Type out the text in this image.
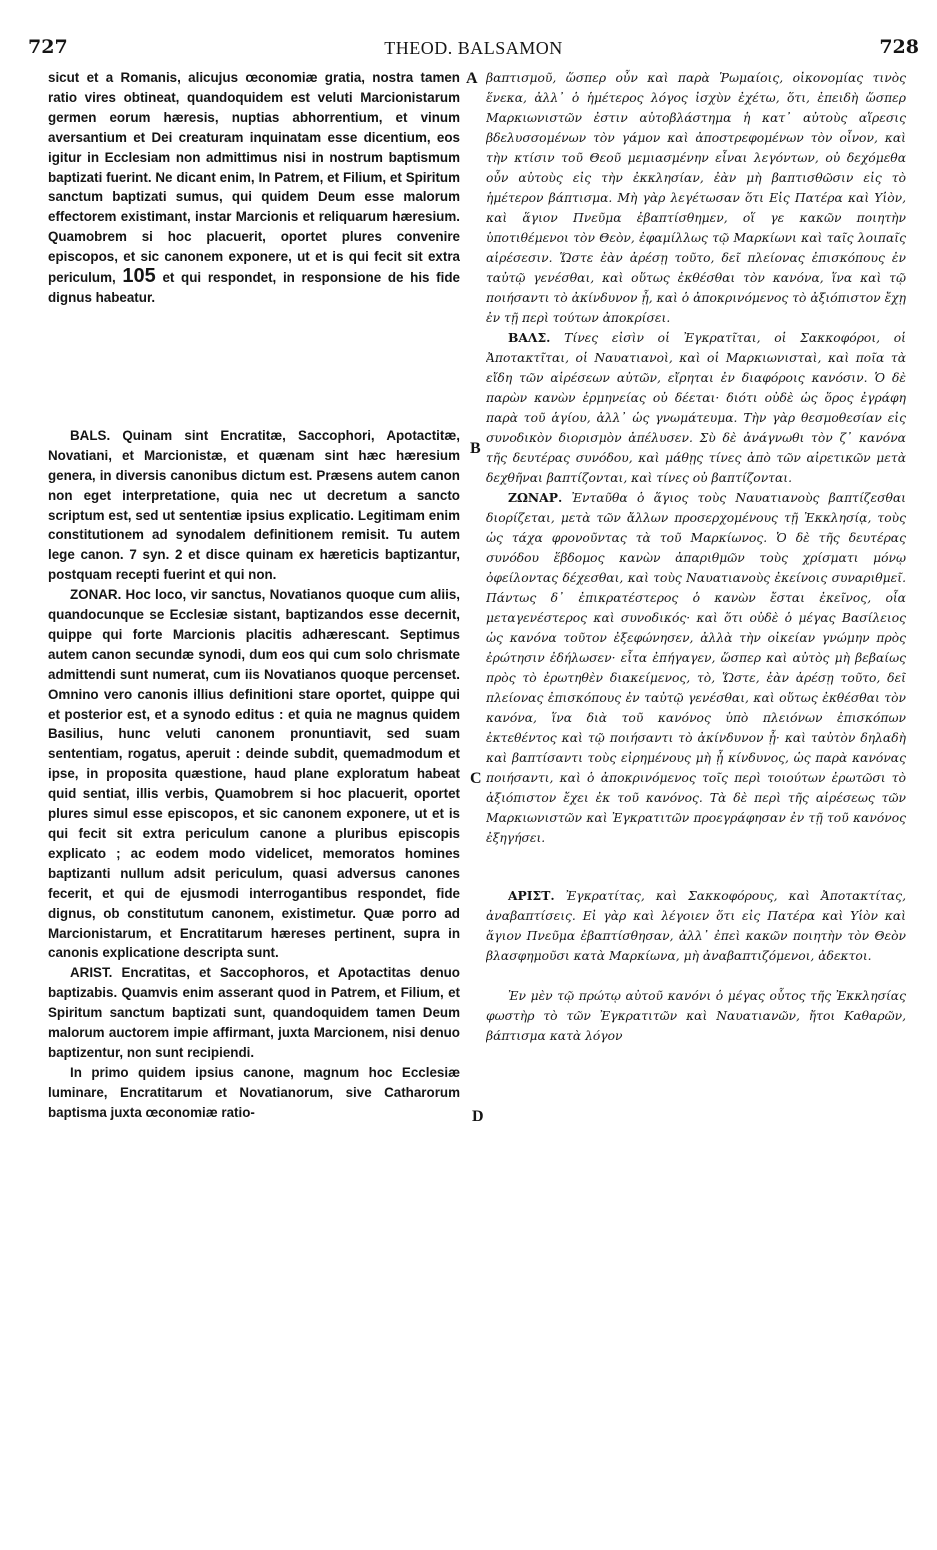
727	THEOD. BALSAMON	728

sicut et a Romanis, alicujus œconomiæ gratia, nostra tamen ratio vires obtineat, quandoquidem est veluti Marcionistarum germen eorum hæresis, nuptias abhorrentium, et vinum aversantium et Dei creaturam inquinatam esse dicentium, eos igitur in Ecclesiam non admittimus nisi in nostrum baptismum baptizati fuerint. Ne dicant enim, In Patrem, et Filium, et Spiritum sanctum baptizati sumus, qui quidem Deum esse malorum effectorem existimant, instar Marcionis et reliquarum hæresium. Quamobrem si hoc placuerit, oportet plures convenire episcopos, et sic canonem exponere, ut et is qui fecit sit extra periculum, 105 et qui respondet, in responsione de his fide dignus habeatur.

BALS. Quinam sint Encratitæ, Saccophori, Apotactitæ, Novatiani, et Marcionistæ, et quænam sint hæc hæresium genera, in diversis canonibus dictum est. Præsens autem canon non eget interpretatione, quia nec ut decretum a sancto scriptum est, sed ut sententiæ ipsius explicatio. Legitimam enim constitutionem ad synodalem definitionem remisit. Tu autem lege canon. 7 syn. 2 et disce quinam ex hæreticis baptizantur, postquam recepti fuerint et qui non.

ZONAR. Hoc loco, vir sanctus, Novatianos quoque cum aliis, quandocunque se Ecclesiæ sistant, baptizandos esse decernit, quippe qui forte Marcionis placitis adhærescant. Septimus autem canon secundæ synodi, dum eos qui cum solo chrismate admittendi sunt numerat, cum iis Novatianos quoque percenset. Omnino vero canonis illius definitioni stare oportet, quippe qui et posterior est, et a synodo editus : et quia ne magnus quidem Basilius, hunc veluti canonem pronuntiavit, sed suam sententiam, rogatus, aperuit : deinde subdit, quemadmodum et ipse, in proposita quæstione, haud plane exploratum habeat quid sentiat, illis verbis, Quamobrem si hoc placuerit, oportet plures simul esse episcopos, et sic canonem exponere, ut et is qui fecit sit extra periculum canone a pluribus episcopis explicato ; ac eodem modo videlicet, memoratos homines baptizanti nullum adsit periculum, quasi adversus canones fecerit, et qui de ejusmodi interrogantibus respondet, fide dignus, ob constitutum canonem, existimetur. Quæ porro ad Marcionistarum, et Encratitarum hæreses pertinent, supra in canonis explicatione descripta sunt.

ARIST. Encratitas, et Saccophoros, et Apotactitas denuo baptizabis. Quamvis enim asserant quod in Patrem, et Filium, et Spiritum sanctum baptizati sunt, quandoquidem tamen Deum malorum auctorem impie affirmant, juxta Marcionem, nisi denuo baptizentur, non sunt recipiendi.

In primo quidem ipsius canone, magnum hoc Ecclesiæ luminare, Encratitarum et Novatianorum, sive Catharorum baptisma juxta œconomiæ ratio-

A
B
C
D

βαπτισμοῦ, ὥσπερ οὖν καὶ παρὰ Ῥωμαίοις, οἰκονομίας τινὸς ἕνεκα, ἀλλ᾽ ὁ ἡμέτερος λόγος ἰσχὺν ἐχέτω, ὅτι, ἐπειδὴ ὥσπερ Μαρκιωνιστῶν ἐστιν αὐτοβλάστημα ἡ κατ᾽ αὐτοὺς αἵρεσις βδελυσσομένων τὸν γάμον καὶ ἀποστρεφομένων τὸν οἶνον, καὶ τὴν κτίσιν τοῦ Θεοῦ μεμιασμένην εἶναι λεγόντων, οὐ δεχόμεθα οὖν αὐτοὺς εἰς τὴν ἐκκλησίαν, ἐὰν μὴ βαπτισθῶσιν εἰς τὸ ἡμέτερον βάπτισμα. Μὴ γὰρ λεγέτωσαν ὅτι Εἰς Πατέρα καὶ Υἱὸν, καὶ ἅγιον Πνεῦμα ἐβαπτίσθημεν, οἵ γε κακῶν ποιητὴν ὑποτιθέμενοι τὸν Θεὸν, ἐφαμίλλως τῷ Μαρκίωνι καὶ ταῖς λοιπαῖς αἱρέσεσιν. Ὥστε ἐὰν ἀρέσῃ τοῦτο, δεῖ πλείονας ἐπισκόπους ἐν ταὐτῷ γενέσθαι, καὶ οὕτως ἐκθέσθαι τὸν κανόνα, ἵνα καὶ τῷ ποιήσαντι τὸ ἀκίνδυνον ᾖ, καὶ ὁ ἀποκρινόμενος τὸ ἀξιόπιστον ἔχῃ ἐν τῇ περὶ τούτων ἀποκρίσει.

ΒΑΛΣ. Τίνες εἰσὶν οἱ Ἐγκρατῖται, οἱ Σακκοφόροι, οἱ Ἀποτακτῖται, οἱ Ναυατιανοὶ, καὶ οἱ Μαρκιωνισταὶ, καὶ ποῖα τὰ εἴδη τῶν αἱρέσεων αὐτῶν, εἴρηται ἐν διαφόροις κανόσιν. Ὁ δὲ παρὼν κανὼν ἑρμηνείας οὐ δέεται· διότι οὐδὲ ὡς ὅρος ἐγράφη παρὰ τοῦ ἁγίου, ἀλλ᾽ ὡς γνωμάτευμα. Τὴν γὰρ θεσμοθεσίαν εἰς συνοδικὸν διορισμὸν ἀπέλυσεν. Σὺ δὲ ἀνάγνωθι τὸν ζ᾽ κανόνα τῆς δευτέρας συνόδου, καὶ μάθῃς τίνες ἀπὸ τῶν αἱρετικῶν μετὰ δεχθῆναι βαπτίζονται, καὶ τίνες οὐ βαπτίζονται.

ΖΩΝΑΡ. Ἐνταῦθα ὁ ἅγιος τοὺς Ναυατιανοὺς βαπτίζεσθαι διορίζεται, μετὰ τῶν ἄλλων προσερχομένους τῇ Ἐκκλησίᾳ, τοὺς ὡς τάχα φρονοῦντας τὰ τοῦ Μαρκίωνος. Ὁ δὲ τῆς δευτέρας συνόδου ἕβδομος κανὼν ἀπαριθμῶν τοὺς χρίσματι μόνῳ ὀφείλοντας δέχεσθαι, καὶ τοὺς Ναυατιανοὺς ἐκείνοις συναριθμεῖ. Πάντως δ᾽ ἐπικρατέστερος ὁ κανὼν ἔσται ἐκεῖνος, οἷα μεταγενέστερος καὶ συνοδικός· καὶ ὅτι οὐδὲ ὁ μέγας Βασίλειος ὡς κανόνα τοῦτον ἐξεφώνησεν, ἀλλὰ τὴν οἰκείαν γνώμην πρὸς ἐρώτησιν ἐδήλωσεν· εἶτα ἐπήγαγεν, ὥσπερ καὶ αὐτὸς μὴ βεβαίως πρὸς τὸ ἐρωτηθὲν διακείμενος, τὸ, Ὥστε, ἐὰν ἀρέσῃ τοῦτο, δεῖ πλείονας ἐπισκόπους ἐν ταὐτῷ γενέσθαι, καὶ οὕτως ἐκθέσθαι τὸν κανόνα, ἵνα διὰ τοῦ κανόνος ὑπὸ πλειόνων ἐπισκόπων ἐκτεθέντος καὶ τῷ ποιήσαντι τὸ ἀκίνδυνον ᾖ· καὶ ταὐτὸν δηλαδὴ καὶ βαπτίσαντι τοὺς εἰρημένους μὴ ᾖ κίνδυνος, ὡς παρὰ κανόνας ποιήσαντι, καὶ ὁ ἀποκρινόμενος τοῖς περὶ τοιούτων ἐρωτῶσι τὸ ἀξιόπιστον ἔχει ἐκ τοῦ κανόνος. Τὰ δὲ περὶ τῆς αἱρέσεως τῶν Μαρκιωνιστῶν καὶ Ἐγκρατιτῶν προεγράφησαν ἐν τῇ τοῦ κανόνος ἐξηγήσει.

ΑΡΙΣΤ. Ἐγκρατίτας, καὶ Σακκοφόρους, καὶ Ἀποτακτίτας, ἀναβαπτίσεις. Εἰ γὰρ καὶ λέγοιεν ὅτι εἰς Πατέρα καὶ Υἱὸν καὶ ἅγιον Πνεῦμα ἐβαπτίσθησαν, ἀλλ᾽ ἐπεὶ κακῶν ποιητὴν τὸν Θεὸν βλασφημοῦσι κατὰ Μαρκίωνα, μὴ ἀναβαπτιζόμενοι, ἀδεκτοι.

Ἐν μὲν τῷ πρώτῳ αὐτοῦ κανόνι ὁ μέγας οὗτος τῆς Ἐκκλησίας φωστὴρ τὸ τῶν Ἐγκρατιτῶν καὶ Ναυατιανῶν, ἤτοι Καθαρῶν, βάπτισμα κατὰ λόγον
